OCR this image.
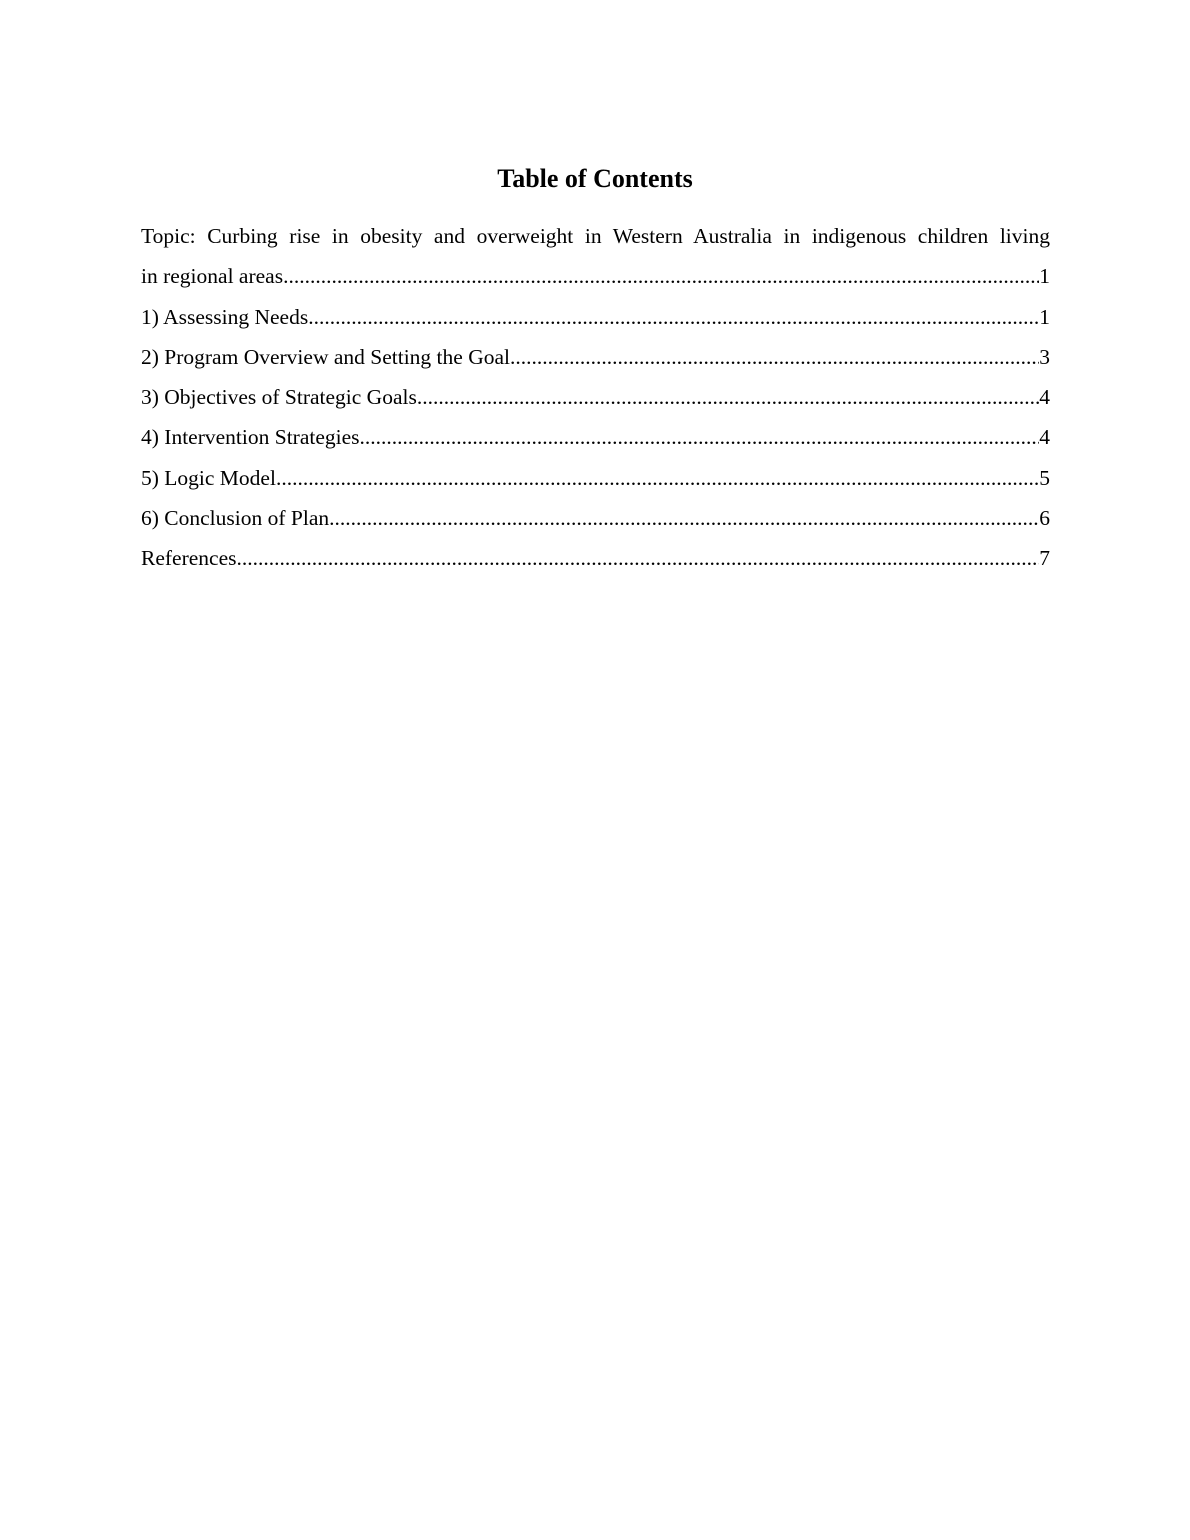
Table of Contents
Topic: Curbing rise in obesity and overweight in Western Australia in indigenous children living
in regional areas .....	1
1) Assessing Needs .....	1
2) Program Overview and Setting the Goal .....	3
3) Objectives of Strategic Goals .....	4
4) Intervention Strategies .....	4
5) Logic Model .....	5
6) Conclusion of Plan .....	6
References .....	7
